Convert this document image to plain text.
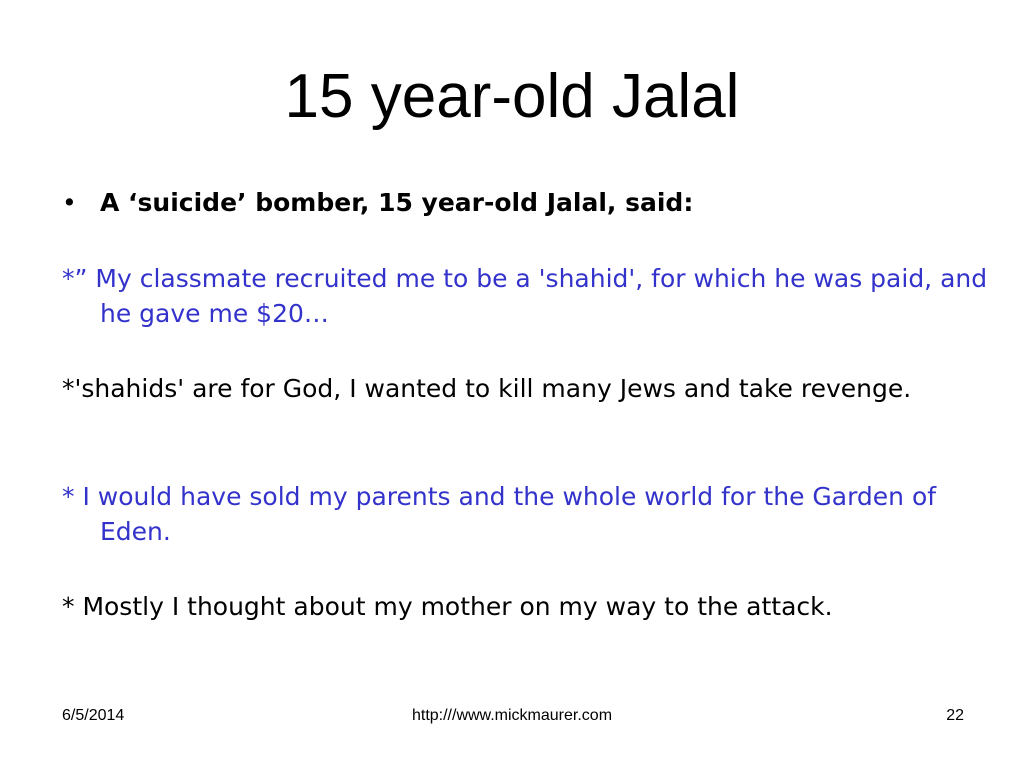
15 year-old Jalal
• A ‘suicide’ bomber, 15 year-old Jalal, said:
*” My classmate recruited me to be a 'shahid', for which he was paid, and he gave me $20…
*'shahids' are for God, I wanted to kill many Jews and take revenge.
* I would have sold my parents and the whole world for the Garden of Eden.
* Mostly I thought about my mother on my way to the attack.
6/5/2014	http:///www.mickmaurer.com	22
